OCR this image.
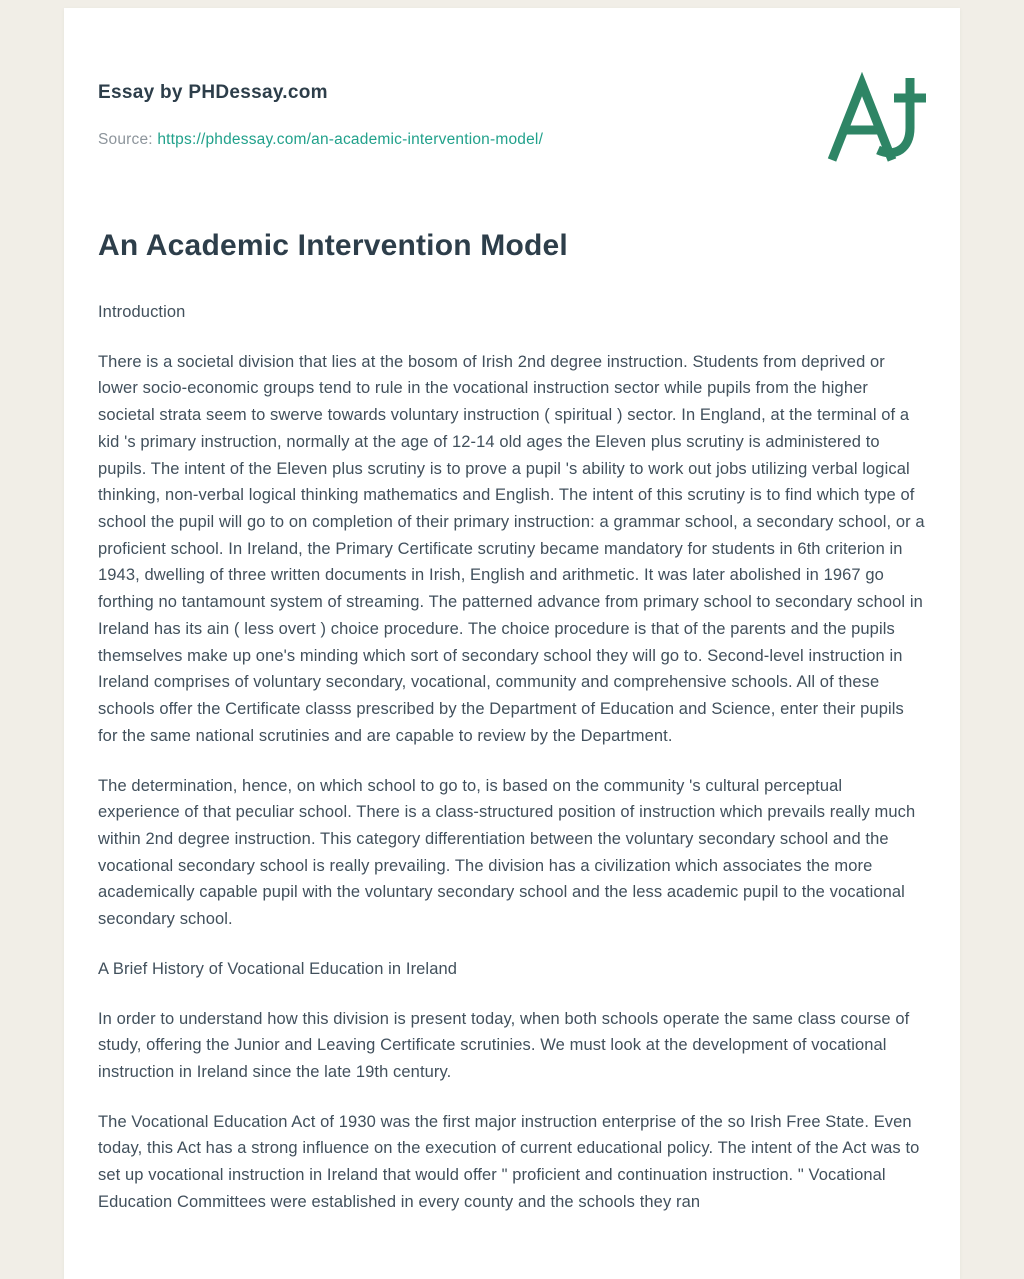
Essay by PHDessay.com
Source: https://phdessay.com/an-academic-intervention-model/
An Academic Intervention Model

Introduction

There is a societal division that lies at the bosom of Irish 2nd degree instruction. Students from deprived or lower socio-economic groups tend to rule in the vocational instruction sector while pupils from the higher societal strata seem to swerve towards voluntary instruction ( spiritual ) sector. In England, at the terminal of a kid 's primary instruction, normally at the age of 12-14 old ages the Eleven plus scrutiny is administered to pupils. The intent of the Eleven plus scrutiny is to prove a pupil 's ability to work out jobs utilizing verbal logical thinking, non-verbal logical thinking mathematics and English. The intent of this scrutiny is to find which type of school the pupil will go to on completion of their primary instruction: a grammar school, a secondary school, or a proficient school. In Ireland, the Primary Certificate scrutiny became mandatory for students in 6th criterion in 1943, dwelling of three written documents in Irish, English and arithmetic. It was later abolished in 1967 go forthing no tantamount system of streaming. The patterned advance from primary school to secondary school in Ireland has its ain ( less overt ) choice procedure. The choice procedure is that of the parents and the pupils themselves make up one's minding which sort of secondary school they will go to. Second-level instruction in Ireland comprises of voluntary secondary, vocational, community and comprehensive schools. All of these schools offer the Certificate classs prescribed by the Department of Education and Science, enter their pupils for the same national scrutinies and are capable to review by the Department.

The determination, hence, on which school to go to, is based on the community 's cultural perceptual experience of that peculiar school. There is a class-structured position of instruction which prevails really much within 2nd degree instruction. This category differentiation between the voluntary secondary school and the vocational secondary school is really prevailing. The division has a civilization which associates the more academically capable pupil with the voluntary secondary school and the less academic pupil to the vocational secondary school.

A Brief History of Vocational Education in Ireland

In order to understand how this division is present today, when both schools operate the same class course of study, offering the Junior and Leaving Certificate scrutinies. We must look at the development of vocational instruction in Ireland since the late 19th century.

The Vocational Education Act of 1930 was the first major instruction enterprise of the so Irish Free State. Even today, this Act has a strong influence on the execution of current educational policy. The intent of the Act was to set up vocational instruction in Ireland that would offer " proficient and continuation instruction. " Vocational Education Committees were established in every county and the schools they ran
